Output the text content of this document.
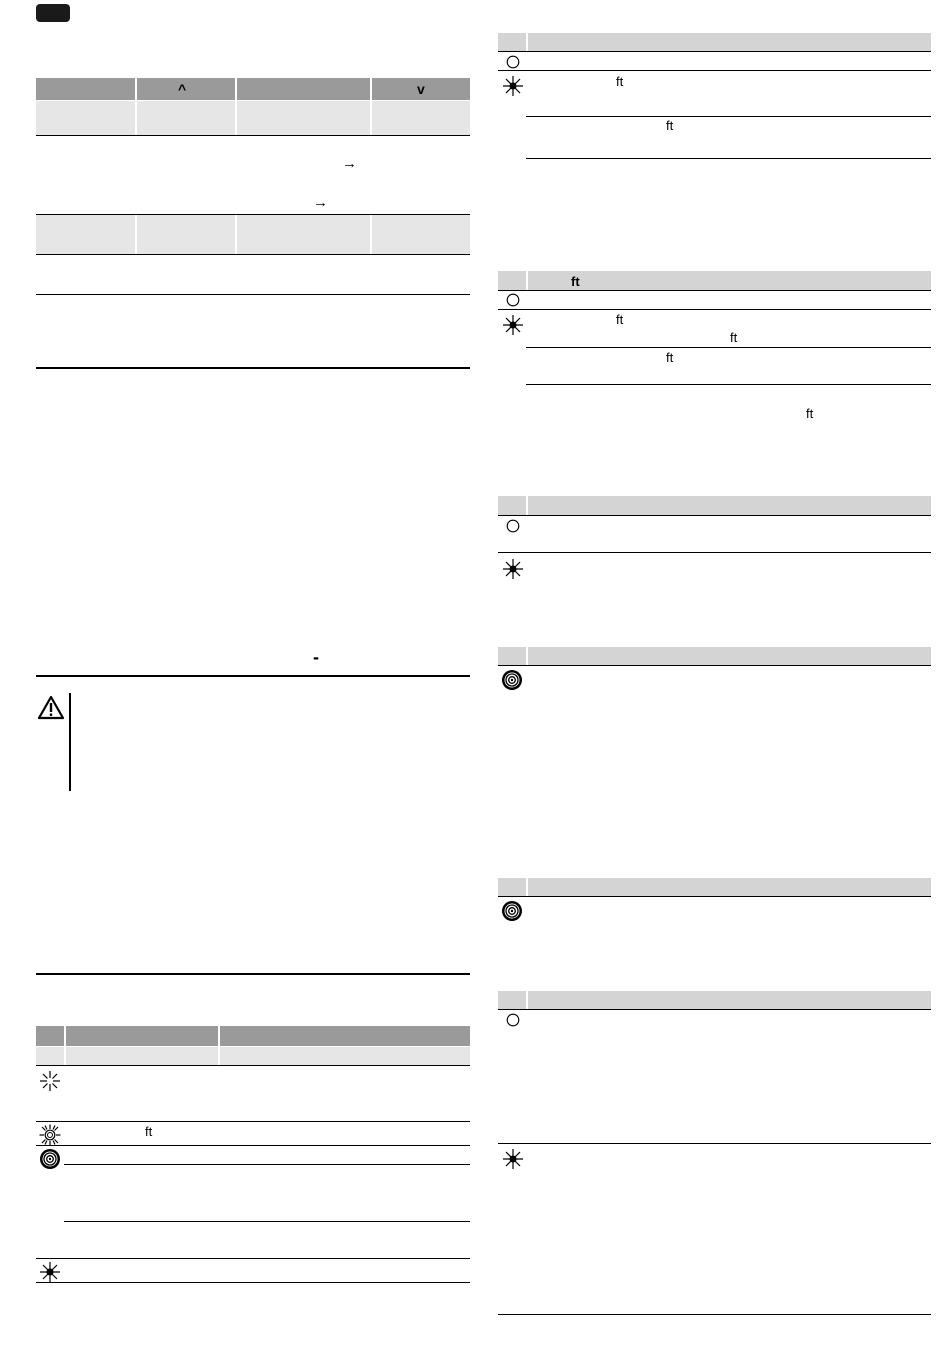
^	v
→
→
-
ft
ft
ft
ft
ft
ft
ft
ft
